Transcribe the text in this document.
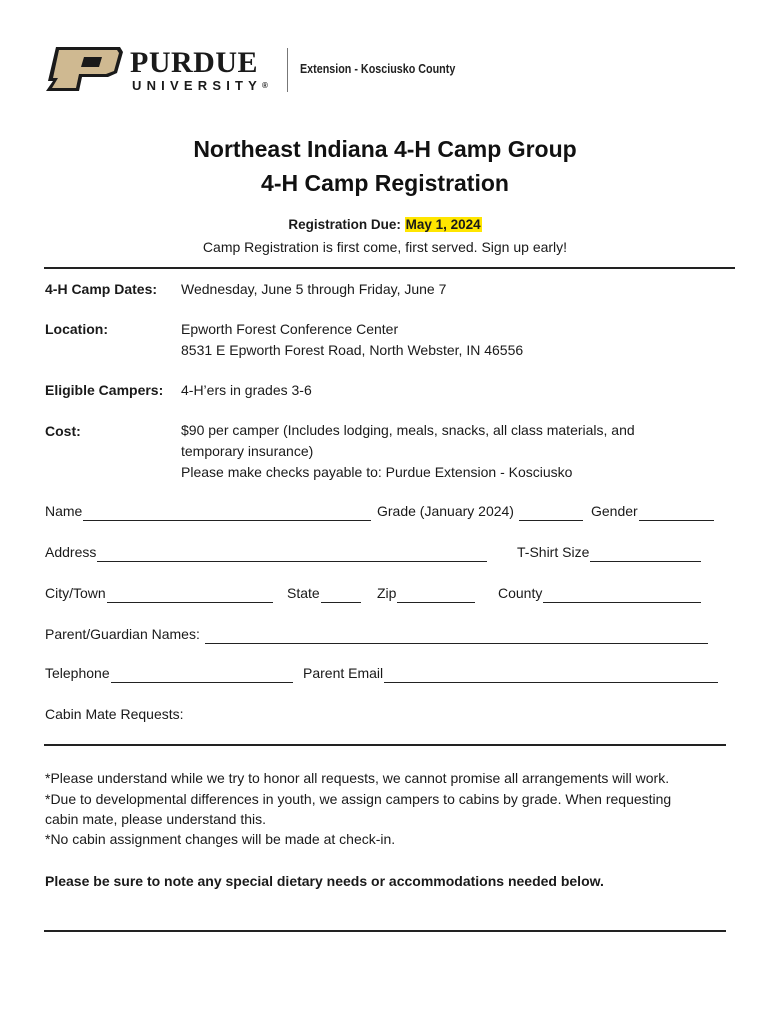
PURDUE
UNIVERSITY®
Extension - Kosciusko County
Northeast Indiana 4-H Camp Group
4-H Camp Registration
Registration Due: May 1, 2024
Camp Registration is first come, first served. Sign up early!
4-H Camp Dates: Wednesday, June 5 through Friday, June 7
Location:	Epworth Forest Conference Center
8531 E Epworth Forest Road, North Webster, IN 46556
Eligible Campers: 4-H’ers in grades 3-6
Cost:	$90 per camper (Includes lodging, meals, snacks, all class materials, and
temporary insurance)
Please make checks payable to: Purdue Extension - Kosciusko
Name	Grade (January 2024)	Gender
Address	T-Shirt Size
City/Town	State	Zip	County
Parent/Guardian Names:
Telephone	Parent Email
Cabin Mate Requests:
*Please understand while we try to honor all requests, we cannot promise all arrangements will work.
*Due to developmental differences in youth, we assign campers to cabins by grade. When requesting
cabin mate, please understand this.
*No cabin assignment changes will be made at check-in.
Please be sure to note any special dietary needs or accommodations needed below.
